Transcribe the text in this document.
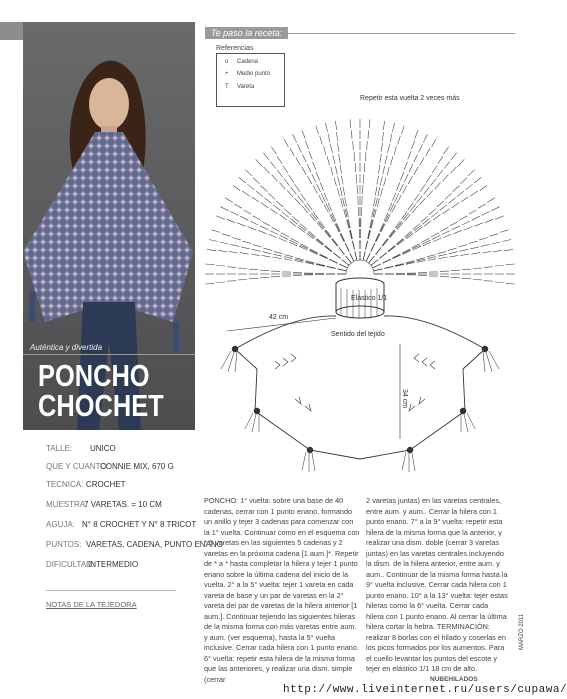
Te paso la receta:
Auténtica y divertida
PONCHO
CHOCHET
Referencias
o Cadena
+ Medio punto
T Vareta
Repetir esta vuelta 2 veces más
42 cm
Elástico 1/1
Sentido del tejido
34 cm
TALLE: UNICO
QUE Y CUANTO:
CONNIE MIX, 670 G
TECNICA: CROCHET
MUESTRA:
7 VARETAS. = 10 CM
AGUJA: N° 8 CROCHET Y N° 8 TRICOT
PUNTOS: VARETAS, CADENA, PUNTO ENANO
DIFICULTAD:
INTERMEDIO
NOTAS DE LA TEJEDORA
PONCHO: 1° vuelta: sobre una base de 40 cadenas, cerrar con 1 punto enano, formando un anillo y tejer 3 cadenas para comenzar con la 1° vuelta. Continuar como en el esquema con * 5 varetas en las siguientes 5 cadenas y 2 varetas en la próxima cadena [1 aum.]*. Repetir de * a * hasta completar la hilera y tejer 1 punto enano sobre la última cadena del inicio de la vuelta. 2° a la 5° vuelta: tejer 1 vareta en cada vareta de base y un par de varetas en la 2° vareta del par de varetas de la hilera anterior [1 aum.]. Continuar tejiendo las siguientes hileras de la misma forma con más varetas entre aum. y aum. (ver esquema), hasta la 5° vuelta inclusive. Cerrar cada hilera con 1 punto enano. 6° vuelta: repetir esta hilera de la misma forma que las anteriores, y realizar una dism. simple (cerrar
2 varetas juntas) en las varetas centrales, entre aum. y aum.. Cerrar la hilera con 1 punto enano. 7° a la 9° vuelta: repetir esta hilera de la misma forma que la anterior, y realizar una dism. doble (cerrar 3 varetas juntas) en las varetas centrales incluyendo la dism. de la hilera anterior, entre aum. y aum.. Continuar de la misma forma hasta la 9° vuelta inclusive. Cerrar cada hilera con 1 punto enano. 10° a la 13° vuelta: tejer estas hileras como la 6° vuelta. Cerrar cada hilera con 1 punto enano. Al cerrar la última hilera cortar la hebra. TERMINACIÓN: realizar 8 borlas con el hilado y coserlas en los picos formados por los aumentos. Para el cuello levantar los puntos del escote y tejer en elástico 1/1 18 cm de alto.
MARZO 2011
NUBEHILADOS
http://www.liveinternet.ru/users/cupawa/
